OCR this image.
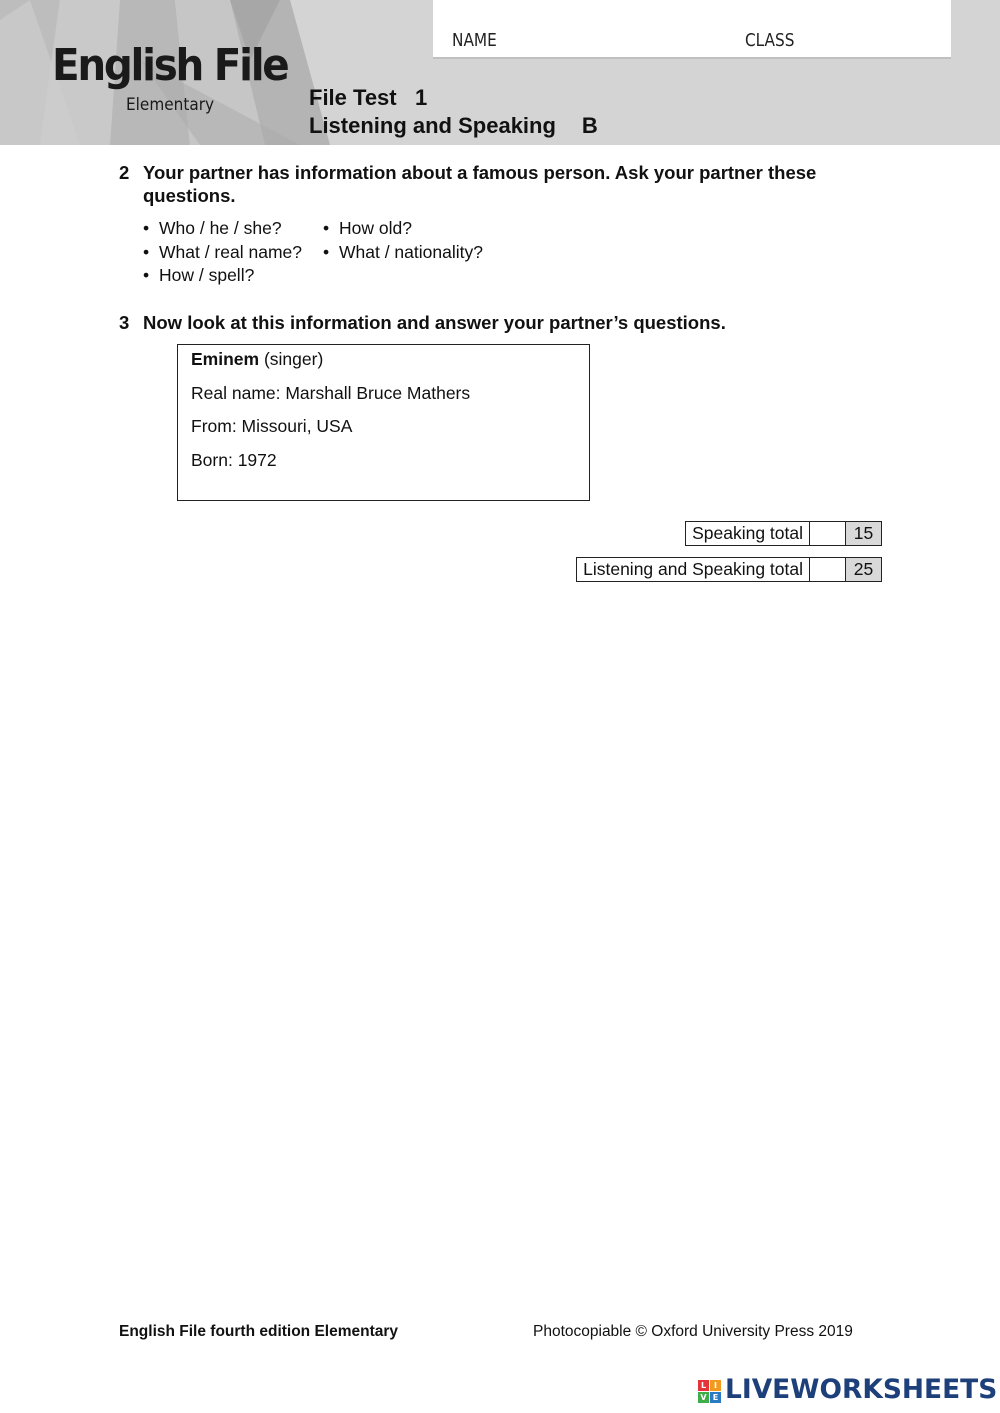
English File
Elementary
NAME	CLASS
File Test   1
Listening and Speaking B
2 Your partner has information about a famous person. Ask your partner these questions.
• Who / he / she?
• What / real name?
• How / spell?
• How old?
• What / nationality?
3 Now look at this information and answer your partner’s questions.
Eminem (singer)
Real name: Marshall Bruce Mathers
From: Missouri, USA
Born: 1972
Speaking total		15
Listening and Speaking total		25
English File fourth edition Elementary	Photocopiable © Oxford University Press 2019
L I
V E LIVEWORKSHEETS
